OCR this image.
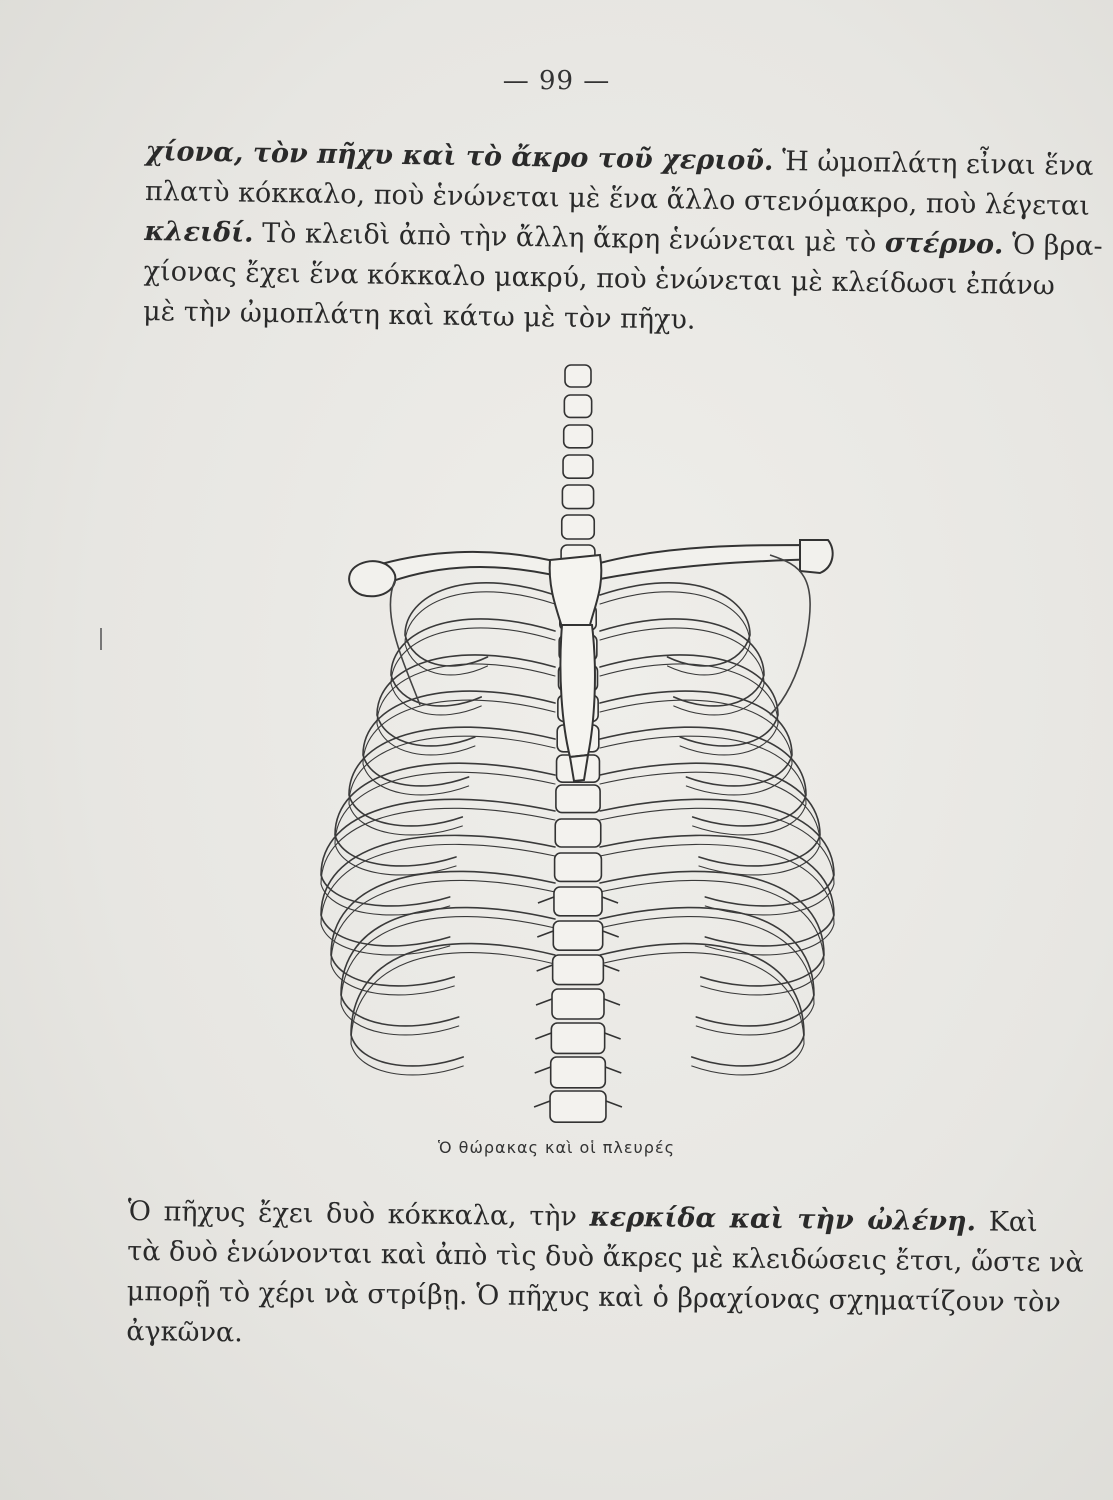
— 99 —
χίονα, τὸν πῆχυ καὶ τὸ ἄκρο τοῦ χεριοῦ. Ἡ ὠμοπλάτη εἶναι ἕνα
πλατὺ κόκκαλο, ποὺ ἑνώνεται μὲ ἕνα ἄλλο στενόμακρο, ποὺ λέγεται
κλειδί. Τὸ κλειδὶ ἀπὸ τὴν ἄλλη ἄκρη ἑνώνεται μὲ τὸ στέρνο. Ὁ βρα-
χίονας ἔχει ἕνα κόκκαλο μακρύ, ποὺ ἑνώνεται μὲ κλείδωσι ἐπάνω
μὲ τὴν ὠμοπλάτη καὶ κάτω μὲ τὸν πῆχυ.
Ὁ θώρακας καὶ οἱ πλευρές
Ὁ πῆχυς ἔχει δυὸ κόκκαλα, τὴν κερκίδα καὶ τὴν ὠλένη. Καὶ
τὰ δυὸ ἑνώνονται καὶ ἀπὸ τὶς δυὸ ἄκρες μὲ κλειδώσεις ἔτσι, ὥστε νὰ
μπορῇ τὸ χέρι νὰ στρίβῃ. Ὁ πῆχυς καὶ ὁ βραχίονας σχηματίζουν τὸν
ἀγκῶνα.
